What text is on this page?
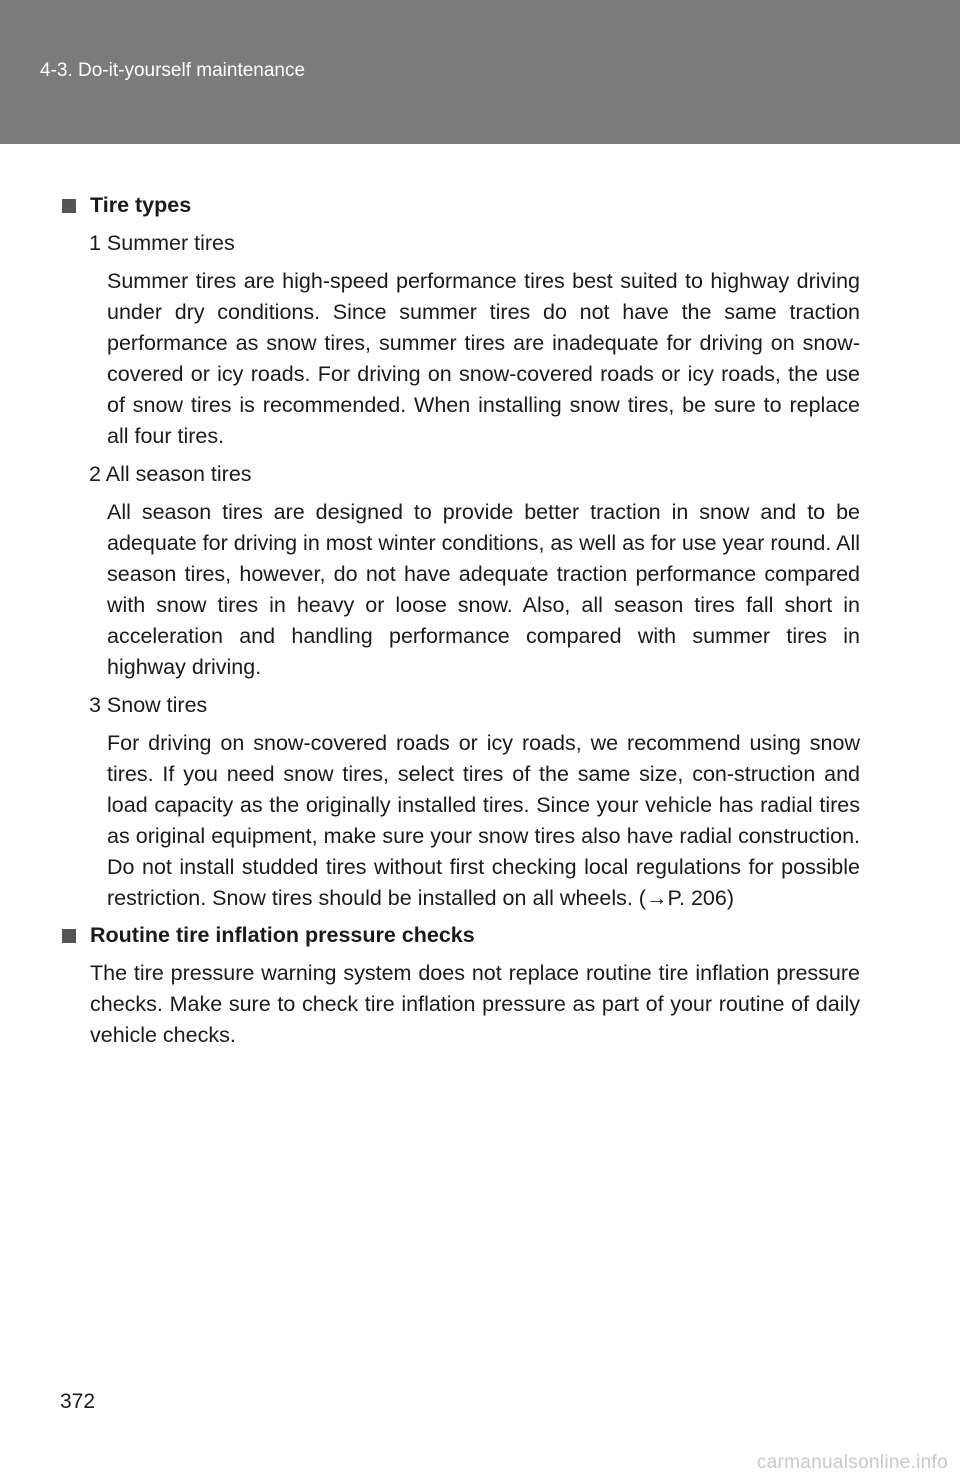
4-3. Do-it-yourself maintenance
Tire types
1 Summer tires
Summer tires are high-speed performance tires best suited to highway driving under dry conditions. Since summer tires do not have the same traction performance as snow tires, summer tires are inadequate for driving on snow-covered or icy roads. For driving on snow-covered roads or icy roads, the use of snow tires is recommended. When installing snow tires, be sure to replace all four tires.
2 All season tires
All season tires are designed to provide better traction in snow and to be adequate for driving in most winter conditions, as well as for use year round. All season tires, however, do not have adequate traction performance compared with snow tires in heavy or loose snow. Also, all season tires fall short in acceleration and handling performance compared with summer tires in highway driving.
3 Snow tires
For driving on snow-covered roads or icy roads, we recommend using snow tires. If you need snow tires, select tires of the same size, con-struction and load capacity as the originally installed tires. Since your vehicle has radial tires as original equipment, make sure your snow tires also have radial construction. Do not install studded tires without first checking local regulations for possible restriction. Snow tires should be installed on all wheels. (→P. 206)
Routine tire inflation pressure checks
The tire pressure warning system does not replace routine tire inflation pressure checks. Make sure to check tire inflation pressure as part of your routine of daily vehicle checks.
372
carmanualsonline.info
